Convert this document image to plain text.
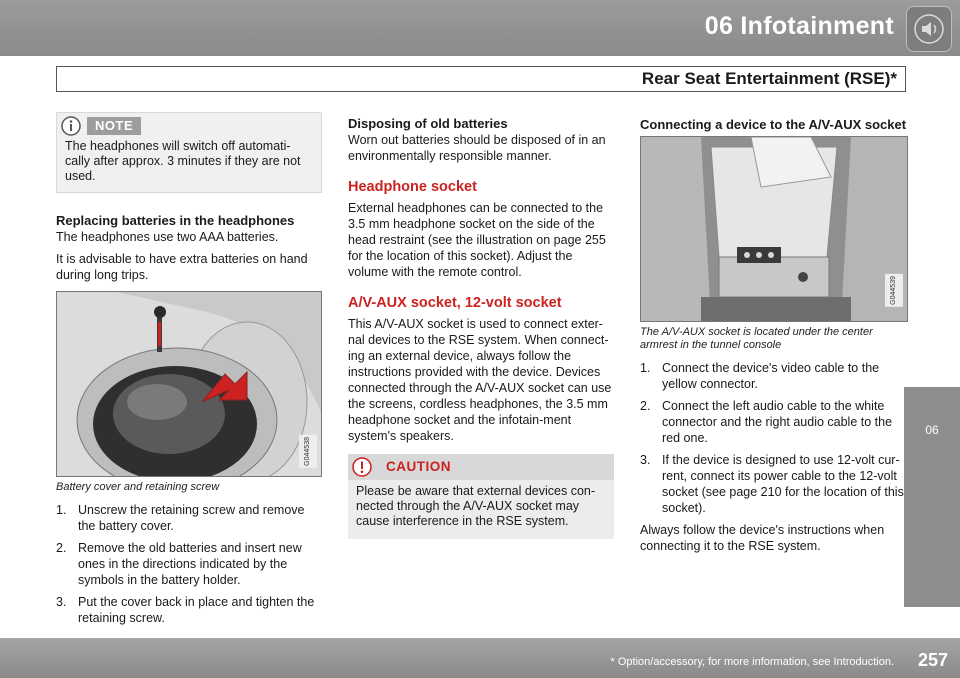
06 Infotainment
Rear Seat Entertainment (RSE)*
06
NOTE
The headphones will switch off automati-cally after approx. 3 minutes if they are not used.
Replacing batteries in the headphones

The headphones use two AAA batteries.

It is advisable to have extra batteries on hand during long trips.

G044538
Battery cover and retaining screw
1. Unscrew the retaining screw and remove the battery cover.
2. Remove the old batteries and insert new ones in the directions indicated by the symbols in the battery holder.
3. Put the cover back in place and tighten the retaining screw.
Disposing of old batteries

Worn out batteries should be disposed of in an environmentally responsible manner.

Headphone socket

External headphones can be connected to the 3.5 mm headphone socket on the side of the head restraint (see the illustration on page 255 for the location of this socket). Adjust the volume with the remote control.

A/V-AUX socket, 12-volt socket

This A/V-AUX socket is used to connect exter-nal devices to the RSE system. When connect-ing an external device, always follow the instructions provided with the device. Devices connected through the A/V-AUX socket can use the screens, cordless headphones, the 3.5 mm headphone socket and the infotain-ment system's speakers.

CAUTION
Please be aware that external devices con-nected through the A/V-AUX socket may cause interference in the RSE system.
Connecting a device to the A/V-AUX socket
G044539
The A/V-AUX socket is located under the center armrest in the tunnel console
1. Connect the device's video cable to the yellow connector.
2. Connect the left audio cable to the white connector and the right audio cable to the red one.
3. If the device is designed to use 12-volt cur-rent, connect its power cable to the 12-volt socket (see page 210 for the location of this socket).

Always follow the device's instructions when connecting it to the RSE system.

* Option/accessory, for more information, see Introduction. 257
